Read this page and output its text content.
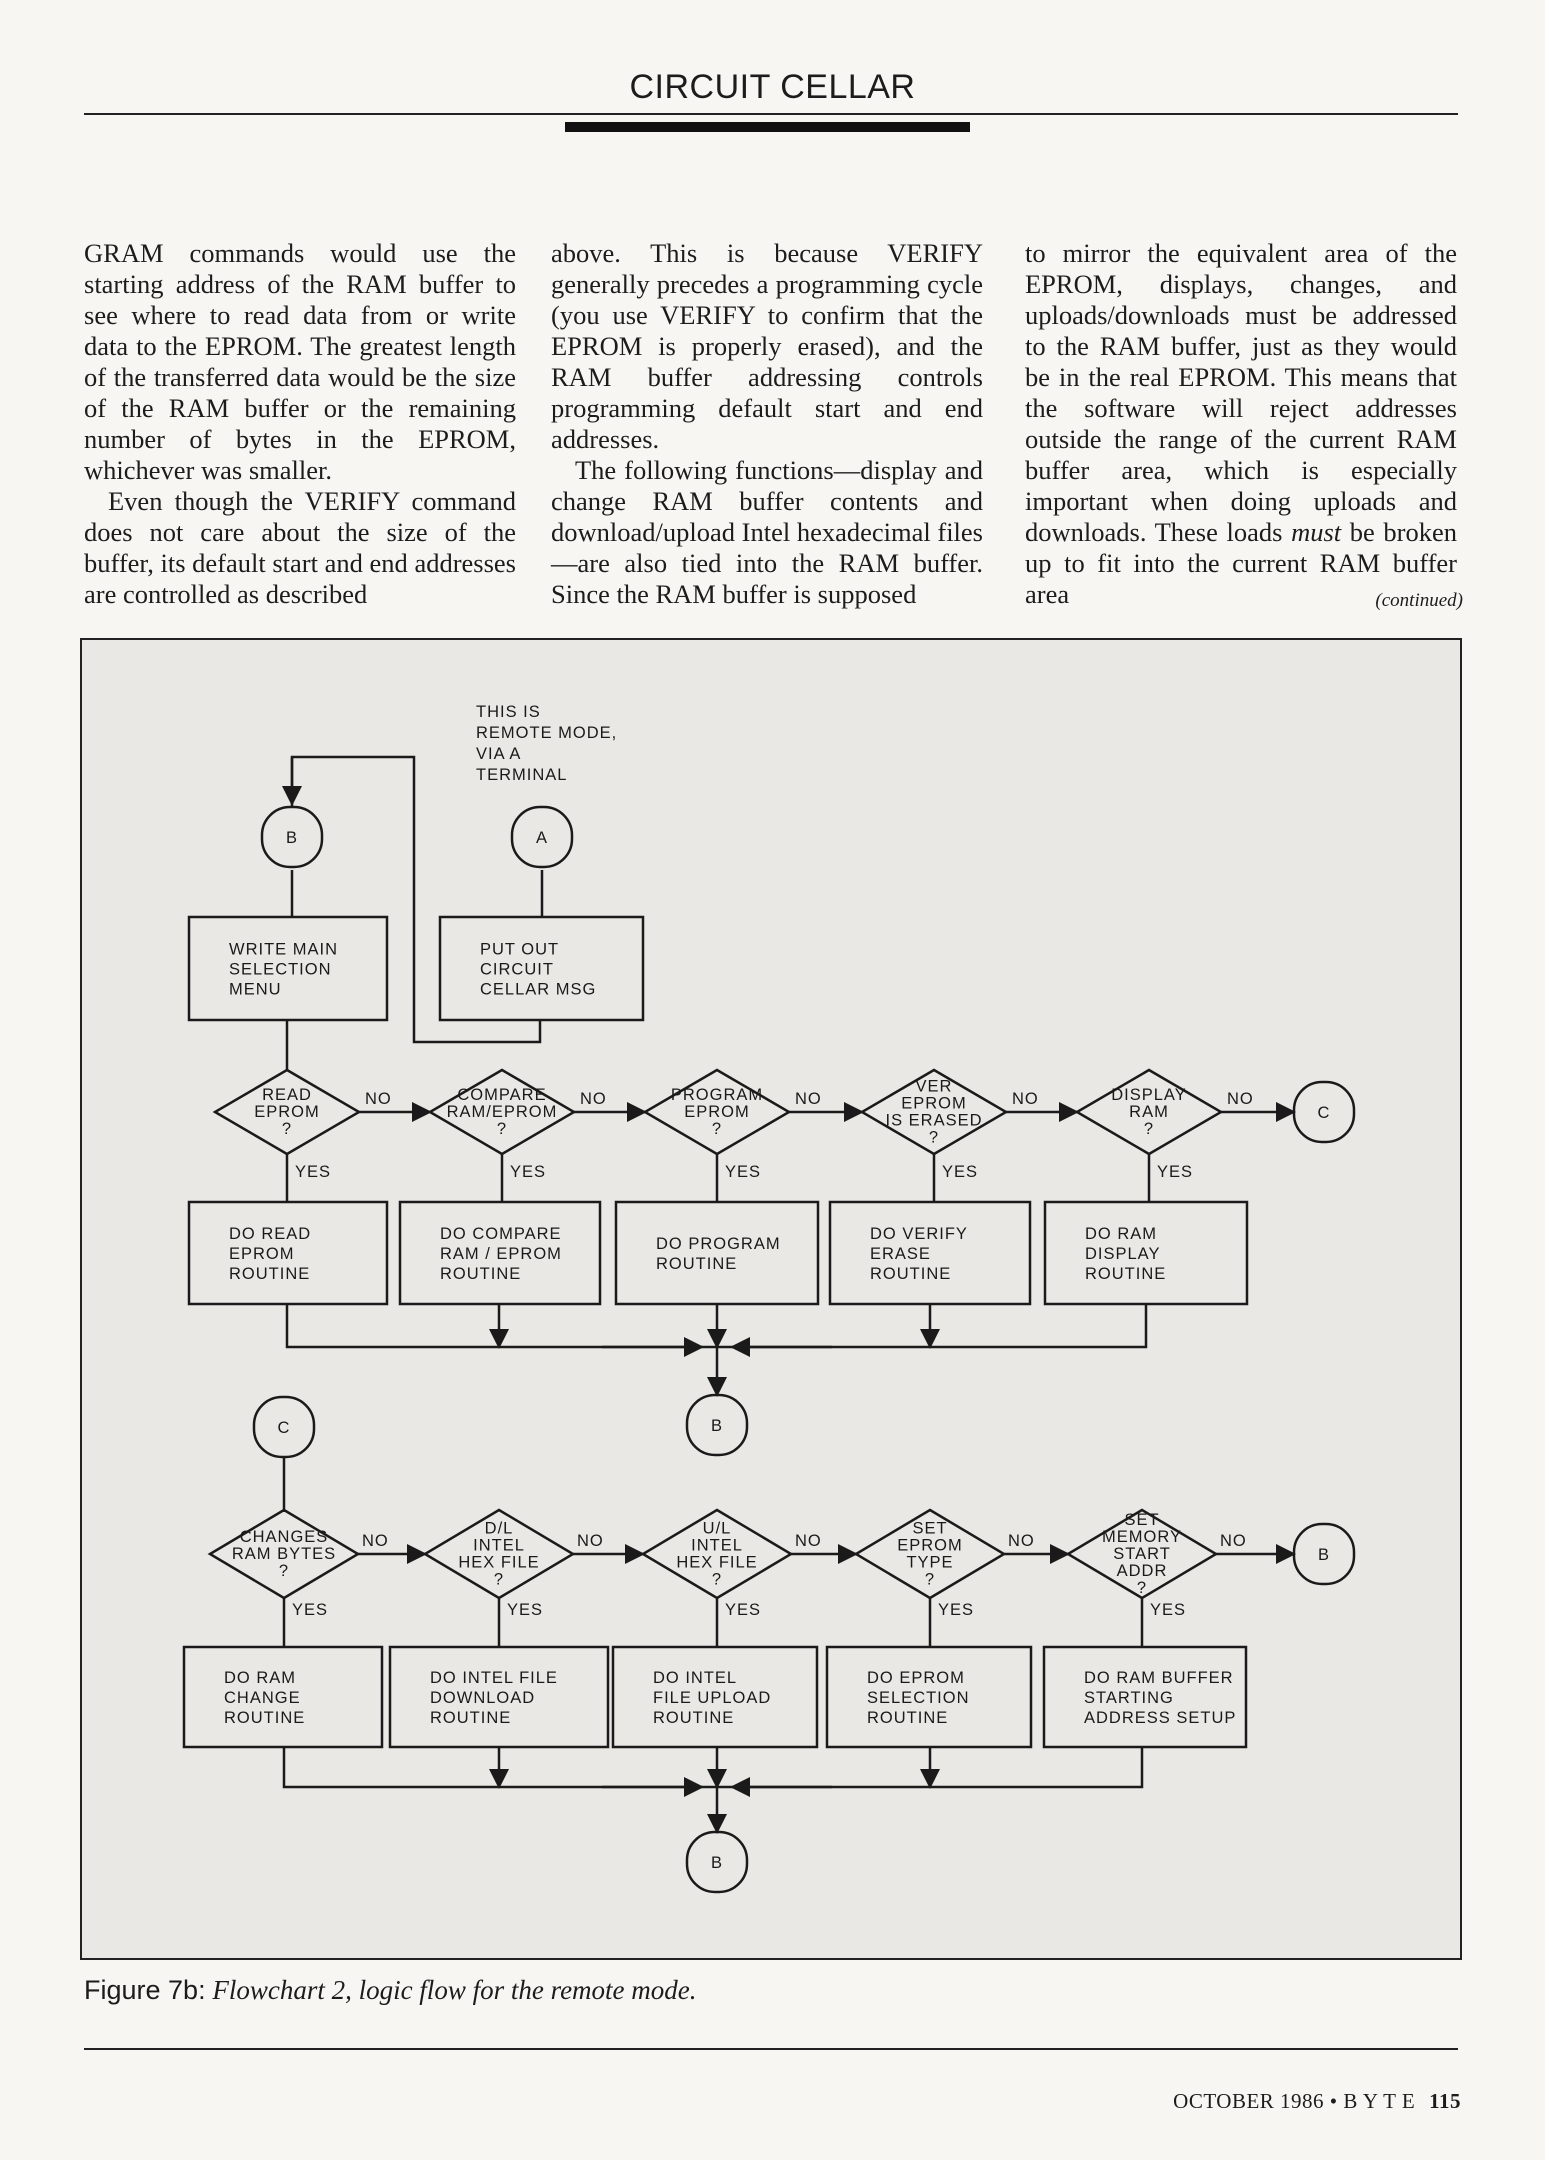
CIRCUIT CELLAR

GRAM commands would use the starting address of the RAM buffer to see where to read data from or write data to the EPROM. The greatest length of the transferred data would be the size of the RAM buffer or the remaining number of bytes in the EPROM, whichever was smaller.

Even though the VERIFY command does not care about the size of the buffer, its default start and end addresses are controlled as described

above. This is because VERIFY generally precedes a programming cycle (you use VERIFY to confirm that the EPROM is properly erased), and the RAM buffer addressing controls programming default start and end addresses.

The following functions—display and change RAM buffer contents and download/upload Intel hexadecimal files—are also tied into the RAM buffer. Since the RAM buffer is supposed

to mirror the equivalent area of the EPROM, displays, changes, and uploads/downloads must be addressed to the RAM buffer, just as they would be in the real EPROM. This means that the software will reject addresses outside the range of the current RAM buffer area, which is especially important when doing uploads and downloads. These loads must be broken up to fit into the current RAM buffer area	(continued)
THIS IS
REMOTE MODE,
VIA A
TERMINAL
B	A
WRITE MAIN
SELECTION
MENU
PUT OUT
CIRCUIT
CELLAR MSG
READ
EPROM
?
NO
YES
COMPARE
RAM/EPROM
?
NO
YES
PROGRAM
EPROM
?
NO
YES
VER
EPROM
IS ERASED
?
NO
YES
DISPLAY
RAM
?
NO
YES
C
DO READ
EPROM
ROUTINE
DO COMPARE
RAM / EPROM
ROUTINE
DO PROGRAM
ROUTINE
DO VERIFY
ERASE
ROUTINE
DO RAM
DISPLAY
ROUTINE
B
C
CHANGES
RAM BYTES
?
NO
YES
D/L
INTEL
HEX FILE
?
NO
YES
U/L
INTEL
HEX FILE
?
NO
YES
SET
EPROM
TYPE
?
NO
YES
SET
MEMORY
START
ADDR
?
NO
YES
B
DO RAM
CHANGE
ROUTINE
DO INTEL FILE
DOWNLOAD
ROUTINE
DO INTEL
FILE UPLOAD
ROUTINE
DO EPROM
SELECTION
ROUTINE
DO RAM BUFFER
STARTING
ADDRESS SETUP
B
Figure 7b: Flowchart 2, logic flow for the remote mode.
OCTOBER 1986 • B Y T E 115
